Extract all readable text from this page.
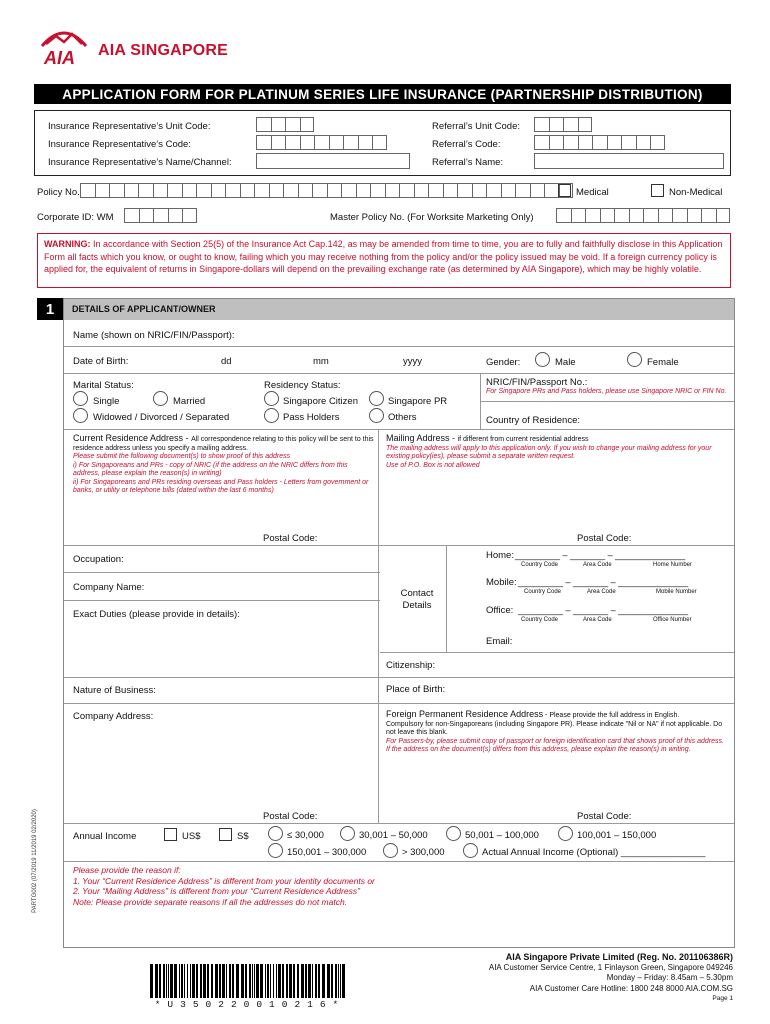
AIA AIA SINGAPORE
APPLICATION FORM FOR PLATINUM SERIES LIFE INSURANCE (PARTNERSHIP DISTRIBUTION)
Insurance Representative’s Unit Code:
Insurance Representative’s Code:
Insurance Representative’s Name/Channel:
Referral’s Unit Code:
Referral’s Code:
Referral’s Name:
Policy No.	Medical	Non-Medical
Corporate ID: WM	Master Policy No. (For Worksite Marketing Only)
WARNING: In accordance with Section 25(5) of the Insurance Act Cap.142, as may be amended from time to time, you are to fully and faithfully disclose in this Application Form all facts which you know, or ought to know, failing which you may receive nothing from the policy and/or the policy issued may be void. If a foreign currency policy is applied for, the equivalent of returns in Singapore-dollars will depend on the prevailing exchange rate (as determined by AIA Singapore), which may be highly volatile.
1	DETAILS OF APPLICANT/OWNER
Name (shown on NRIC/FIN/Passport):
Date of Birth:	dd	mm	yyyy	Gender:	Male	Female
Marital Status:
Single	Married
Widowed / Divorced / Separated
Residency Status:
Singapore Citizen	Singapore PR
Pass Holders	Others
NRIC/FIN/Passport No.:
For Singapore PRs and Pass holders, please use Singapore NRIC or FIN No.
Country of Residence:
Current Residence Address - All correspondence relating to this policy will be sent to this residence address unless you specify a mailing address.
Please submit the following document(s) to show proof of this address
i) For Singaporeans and PRs - copy of NRIC (if the address on the NRIC differs from this address, please explain the reason(s) in writing)
ii) For Singaporeans and PRs residing overseas and Pass holders - Letters from government or banks, or utility or telephone bills (dated within the last 6 months)
Postal Code:
Mailing Address - if different from current residential address
The mailing address will apply to this application only. If you wish to change your mailing address for your existing policy(ies), please submit a separate written request.
Use of P.O. Box is not allowed
Postal Code:
Occupation:
Company Name:
Exact Duties (please provide in details):
Contact Details
Home: _________ – _______ – ______________
Country Code	Area Code	Home Number
Mobile: _________ – _______ – ______________
Country Code	Area Code	Mobile Number
Office: _________ – _______ – ______________
Country Code	Area Code	Office Number
Email:
Citizenship:
Nature of Business:	Place of Birth:
Company Address:	Foreign Permanent Residence Address - Please provide the full address in English.
Compulsory for non-Singaporeans (including Singapore PR). Please indicate "Nil or NA" if not applicable. Do not leave this blank.
For Passers-by, please submit copy of passport or foreign identification card that shows proof of this address.
If the address on the document(s) differs from this address, please explain the reason(s) in writing.
Postal Code:	Postal Code:
Annual Income	US$	S$	≤ 30,000	30,001 – 50,000	50,001 – 100,000	100,001 – 150,000
150,001 – 300,000	> 300,000	Actual Annual Income (Optional) ________________
Please provide the reason if:
1. Your “Current Residence Address” is different from your identity documents or
2. Your “Mailing Address” is different from your “Current Residence Address”
Note: Please provide separate reasons if all the addresses do not match.
PARTG002 (07/2019 11/2019 02/2020)
*U3502200102​16*
AIA Singapore Private Limited (Reg. No. 201106386R)
AIA Customer Service Centre, 1 Finlayson Green, Singapore 049246
Monday – Friday: 8.45am – 5.30pm
AIA Customer Care Hotline: 1800 248 8000 AIA.COM.SG
Page 1
